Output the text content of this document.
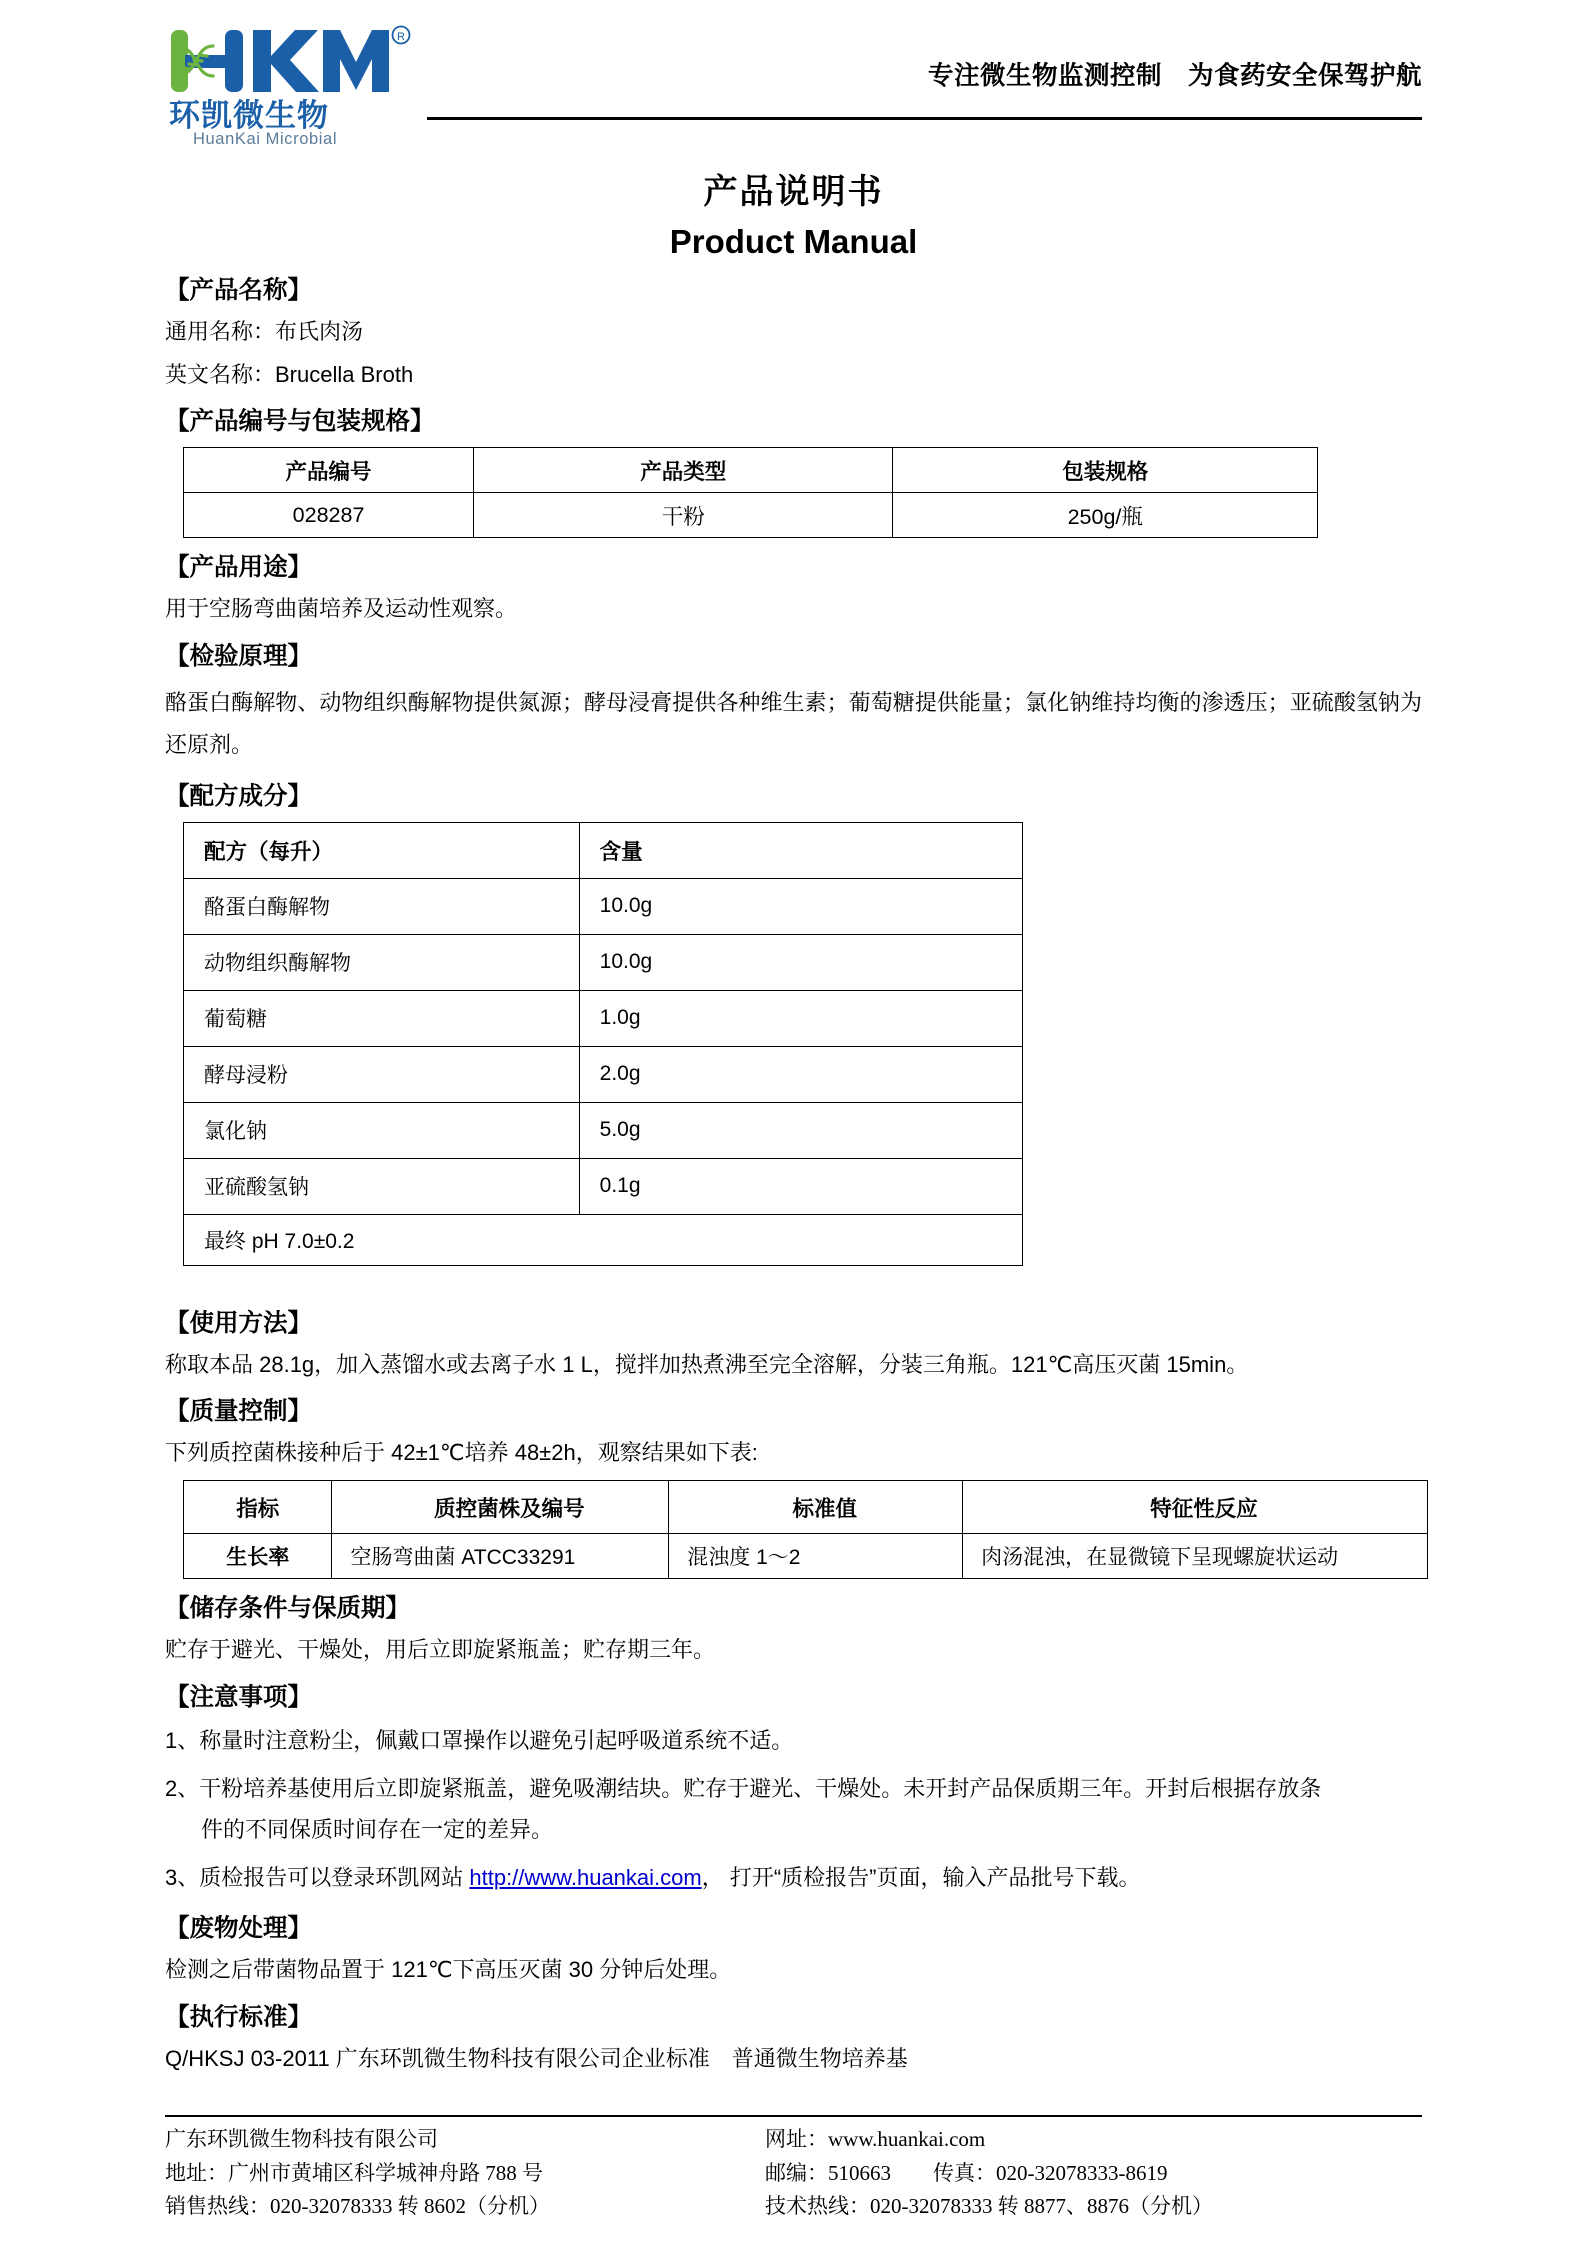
R
环凯微生物
HuanKai Microbial
专注微生物监测控制　为食药安全保驾护航
产品说明书
Product Manual
【产品名称】
通用名称：布氏肉汤
英文名称：Brucella Broth
【产品编号与包装规格】
产品编号	产品类型	包装规格
028287	干粉	250g/瓶
【产品用途】
用于空肠弯曲菌培养及运动性观察。
【检验原理】
酪蛋白酶解物、动物组织酶解物提供氮源；酵母浸膏提供各种维生素；葡萄糖提供能量；氯化钠维持均衡的渗透压；亚硫酸氢钠为还原剂。
【配方成分】
配方（每升）	含量
酪蛋白酶解物	10.0g
动物组织酶解物	10.0g
葡萄糖	1.0g
酵母浸粉	2.0g
氯化钠	5.0g
亚硫酸氢钠	0.1g
最终 pH 7.0±0.2	
【使用方法】
称取本品 28.1g，加入蒸馏水或去离子水 1 L，搅拌加热煮沸至完全溶解，分装三角瓶。121℃高压灭菌 15min。
【质量控制】
下列质控菌株接种后于 42±1℃培养 48±2h，观察结果如下表:
指标	质控菌株及编号	标准值	特征性反应
生长率	空肠弯曲菌 ATCC33291	混浊度 1～2	肉汤混浊，在显微镜下呈现螺旋状运动
【储存条件与保质期】
贮存于避光、干燥处，用后立即旋紧瓶盖；贮存期三年。
【注意事项】
1、称量时注意粉尘，佩戴口罩操作以避免引起呼吸道系统不适。
2、干粉培养基使用后立即旋紧瓶盖，避免吸潮结块。贮存于避光、干燥处。未开封产品保质期三年。开封后根据存放条
件的不同保质时间存在一定的差异。
3、质检报告可以登录环凯网站 http://www.huankai.com， 打开“质检报告”页面，输入产品批号下载。
【废物处理】
检测之后带菌物品置于 121℃下高压灭菌 30 分钟后处理。
【执行标准】
Q/HKSJ 03-2011 广东环凯微生物科技有限公司企业标准　普通微生物培养基
广东环凯微生物科技有限公司
地址：广州市黄埔区科学城神舟路 788 号
销售热线：020-32078333 转 8602（分机）
网址：www.huankai.com
邮编：510663　　传真：020-32078333-8619
技术热线：020-32078333 转 8877、8876（分机）
